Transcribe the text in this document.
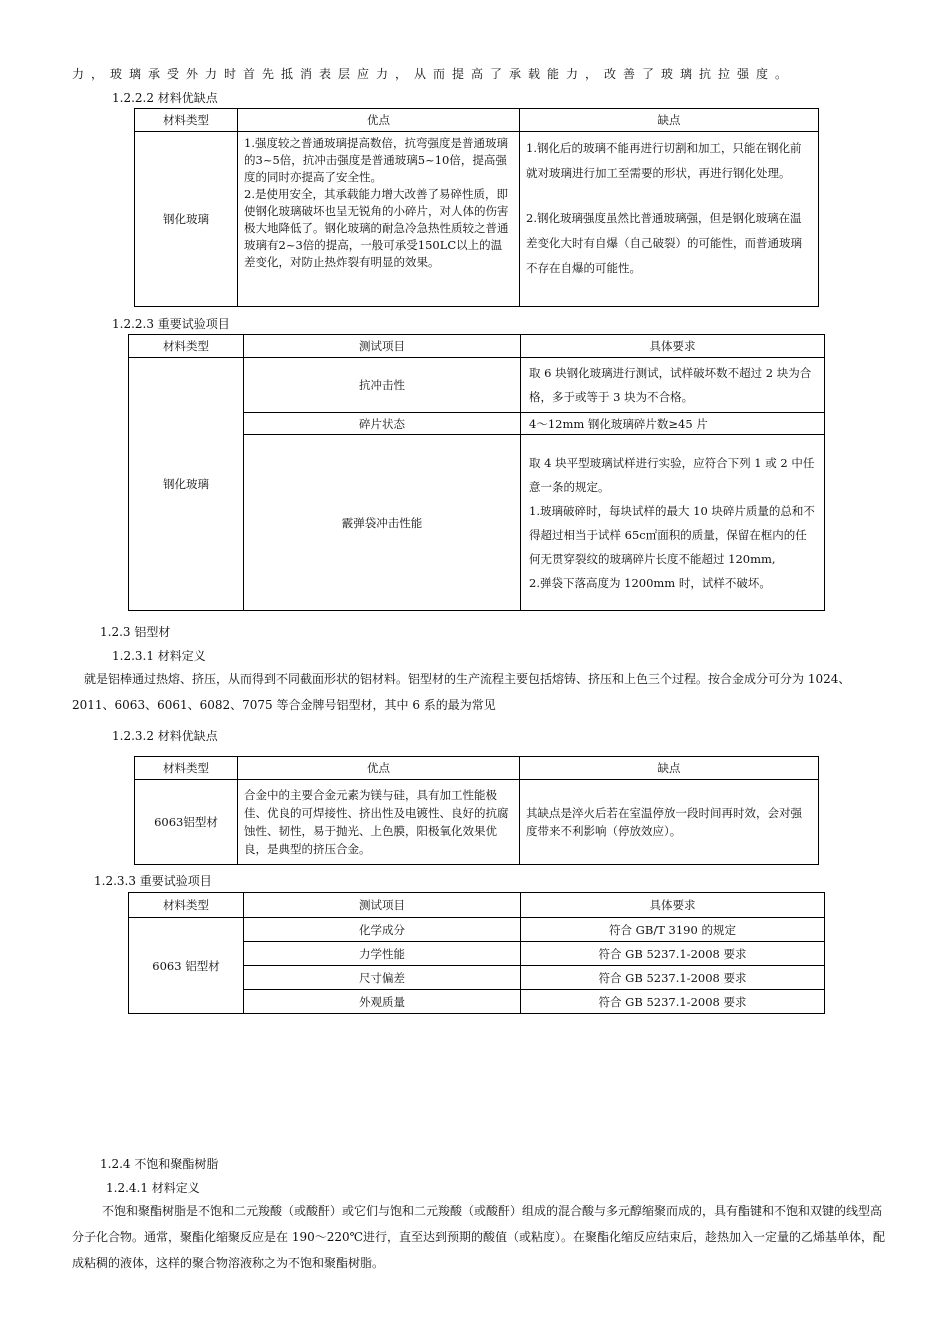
力，玻璃承受外力时首先抵消表层应力，从而提高了承载能力，改善了玻璃抗拉强度。
1.2.2.2 材料优缺点
材料类型	优点	缺点
钢化玻璃	1.强度较之普通玻璃提高数倍，抗弯强度是普通玻璃的3~5倍，抗冲击强度是普通玻璃5~10倍，提高强度的同时亦提高了安全性。
2.是使用安全，其承载能力增大改善了易碎性质，即使钢化玻璃破坏也呈无锐角的小碎片，对人体的伤害极大地降低了。钢化玻璃的耐急冷急热性质较之普通玻璃有2~3倍的提高，一般可承受150LC以上的温差变化，对防止热炸裂有明显的效果。	1.钢化后的玻璃不能再进行切割和加工，只能在钢化前就对玻璃进行加工至需要的形状，再进行钢化处理。
2.钢化玻璃强度虽然比普通玻璃强，但是钢化玻璃在温差变化大时有自爆（自己破裂）的可能性，而普通玻璃不存在自爆的可能性。
1.2.2.3 重要试验项目
材料类型	测试项目	具体要求
钢化玻璃	抗冲击性	取 6 块钢化玻璃进行测试，试样破坏数不超过 2 块为合格，多于或等于 3 块为不合格。
	碎片状态	4～12mm 钢化玻璃碎片数≥45 片
	霰弹袋冲击性能	取 4 块平型玻璃试样进行实验，应符合下列 1 或 2 中任意一条的规定。
1.玻璃破碎时，每块试样的最大 10 块碎片质量的总和不得超过相当于试样 65c㎡面积的质量，保留在框内的任何无贯穿裂纹的玻璃碎片长度不能超过 120mm,
2.弹袋下落高度为 1200mm 时，试样不破坏。
1.2.3 铝型材
1.2.3.1 材料定义
就是铝棒通过热熔、挤压，从而得到不同截面形状的铝材料。铝型材的生产流程主要包括熔铸、挤压和上色三个过程。按合金成分可分为 1024、2011、6063、6061、6082、7075 等合金牌号铝型材，其中 6 系的最为常见
1.2.3.2 材料优缺点
材料类型	优点	缺点
6063铝型材	合金中的主要合金元素为镁与硅，具有加工性能极佳、优良的可焊接性、挤出性及电镀性、良好的抗腐蚀性、韧性，易于抛光、上色膜，阳极氧化效果优良，是典型的挤压合金。	其缺点是淬火后若在室温停放一段时间再时效，会对强度带来不利影响（停放效应）。
1.2.3.3 重要试验项目
材料类型	测试项目	具体要求
6063 铝型材	化学成分	符合 GB/T 3190 的规定
	力学性能	符合 GB 5237.1-2008 要求
	尺寸偏差	符合 GB 5237.1-2008 要求
	外观质量	符合 GB 5237.1-2008 要求
1.2.4 不饱和聚酯树脂
1.2.4.1 材料定义
不饱和聚酯树脂是不饱和二元羧酸（或酸酐）或它们与饱和二元羧酸（或酸酐）组成的混合酸与多元醇缩聚而成的，具有酯键和不饱和双键的线型高分子化合物。通常，聚酯化缩聚反应是在 190～220℃进行，直至达到预期的酸值（或粘度）。在聚酯化缩反应结束后，趁热加入一定量的乙烯基单体，配成粘稠的液体，这样的聚合物溶液称之为不饱和聚酯树脂。
